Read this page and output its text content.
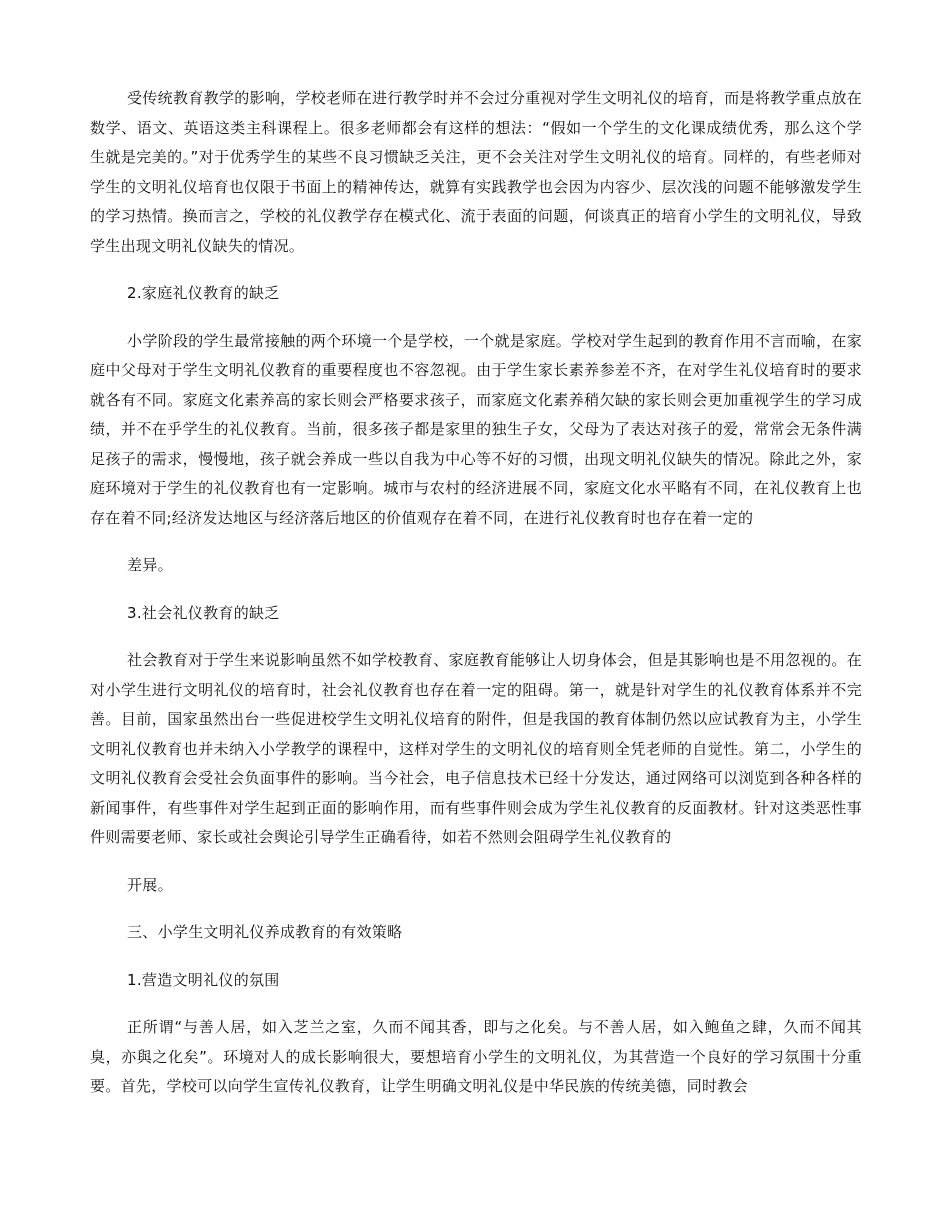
受传统教育教学的影响，学校老师在进行教学时并不会过分重视对学生文明礼仪的培育，而是将教学重点放在数学、语文、英语这类主科课程上。很多老师都会有这样的想法：“假如一个学生的文化课成绩优秀，那么这个学生就是完美的。”对于优秀学生的某些不良习惯缺乏关注，更不会关注对学生文明礼仪的培育。同样的，有些老师对学生的文明礼仪培育也仅限于书面上的精神传达，就算有实践教学也会因为内容少、层次浅的问题不能够激发学生的学习热情。换而言之，学校的礼仪教学存在模式化、流于表面的问题，何谈真正的培育小学生的文明礼仪，导致学生出现文明礼仪缺失的情况。

2.家庭礼仪教育的缺乏

小学阶段的学生最常接触的两个环境一个是学校，一个就是家庭。学校对学生起到的教育作用不言而喻，在家庭中父母对于学生文明礼仪教育的重要程度也不容忽视。由于学生家长素养参差不齐，在对学生礼仪培育时的要求就各有不同。家庭文化素养高的家长则会严格要求孩子，而家庭文化素养稍欠缺的家长则会更加重视学生的学习成绩，并不在乎学生的礼仪教育。当前，很多孩子都是家里的独生子女，父母为了表达对孩子的爱，常常会无条件满足孩子的需求，慢慢地，孩子就会养成一些以自我为中心等不好的习惯，出现文明礼仪缺失的情况。除此之外，家庭环境对于学生的礼仪教育也有一定影响。城市与农村的经济进展不同，家庭文化水平略有不同，在礼仪教育上也存在着不同;经济发达地区与经济落后地区的价值观存在着不同，在进行礼仪教育时也存在着一定的

差异。

3.社会礼仪教育的缺乏

社会教育对于学生来说影响虽然不如学校教育、家庭教育能够让人切身体会，但是其影响也是不用忽视的。在对小学生进行文明礼仪的培育时，社会礼仪教育也存在着一定的阻碍。第一，就是针对学生的礼仪教育体系并不完善。目前，国家虽然出台一些促进校学生文明礼仪培育的附件，但是我国的教育体制仍然以应试教育为主，小学生文明礼仪教育也并未纳入小学教学的课程中，这样对学生的文明礼仪的培育则全凭老师的自觉性。第二，小学生的文明礼仪教育会受社会负面事件的影响。当今社会，电子信息技术已经十分发达，通过网络可以浏览到各种各样的新闻事件，有些事件对学生起到正面的影响作用，而有些事件则会成为学生礼仪教育的反面教材。针对这类恶性事件则需要老师、家长或社会舆论引导学生正确看待，如若不然则会阻碍学生礼仪教育的

开展。

三、小学生文明礼仪养成教育的有效策略

1.营造文明礼仪的氛围

正所谓“与善人居，如入芝兰之室，久而不闻其香，即与之化矣。与不善人居，如入鲍鱼之肆，久而不闻其臭，亦與之化矣”。环境对人的成长影响很大，要想培育小学生的文明礼仪，为其营造一个良好的学习氛围十分重要。首先，学校可以向学生宣传礼仪教育，让学生明确文明礼仪是中华民族的传统美德，同时教会
